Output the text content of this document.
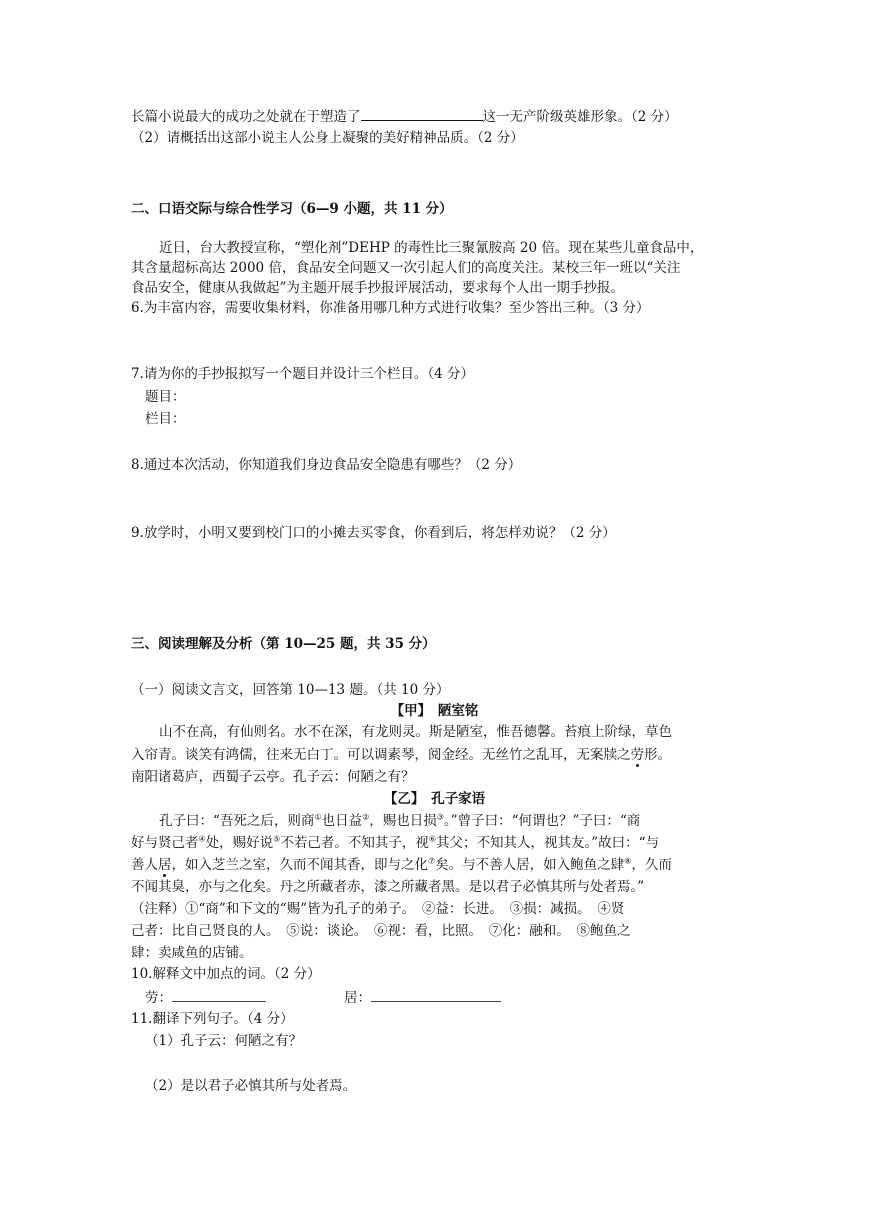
长篇小说最大的成功之处就在于塑造了	这一无产阶级英雄形象。（2 分）
（2）请概括出这部小说主人公身上凝聚的美好精神品质。（2 分）
二、口语交际与综合性学习（6—9 小题，共 11 分）
近日，台大教授宣称，“塑化剂”DEHP 的毒性比三聚氰胺高 20 倍。现在某些儿童食品中，
其含量超标高达 2000 倍，食品安全问题又一次引起人们的高度关注。某校三年一班以“关注
食品安全，健康从我做起”为主题开展手抄报评展活动，要求每个人出一期手抄报。
6.为丰富内容，需要收集材料，你准备用哪几种方式进行收集？至少答出三种。（3 分）
7.请为你的手抄报拟写一个题目并设计三个栏目。（4 分）
题目：
栏目：
8.通过本次活动，你知道我们身边食品安全隐患有哪些？（2 分）
9.放学时，小明又要到校门口的小摊去买零食，你看到后，将怎样劝说？（2 分）
三、阅读理解及分析（第 10—25 题，共 35 分）
（一）阅读文言文，回答第 10—13 题。（共 10 分）
【甲】　陋室铭
山不在高，有仙则名。水不在深，有龙则灵。斯是陋室，惟吾德馨。苔痕上阶绿，草色
入帘青。谈笑有鸿儒，往来无白丁。可以调素琴，阅金经。无丝竹之乱耳，无案牍之劳形。
南阳诸葛庐，西蜀子云亭。孔子云：何陋之有？
【乙】　孔子家语
孔子曰：“吾死之后，则商①也日益②，赐也日损③。”曾子曰：“何谓也？”子曰：“商
好与贤己者④处，赐好说⑤不若己者。不知其子，视⑥其父；不知其人，视其友。”故曰：“与
善人居，如入芝兰之室，久而不闻其香，即与之化⑦矣。与不善人居，如入鲍鱼之肆⑧，久而
不闻其臭，亦与之化矣。丹之所藏者赤，漆之所藏者黑。是以君子必慎其所与处者焉。”
（注释）①“商”和下文的“赐”皆为孔子的弟子。　②益：长进。　③损：减损。　④贤
己者：比自己贤良的人。　⑤说：谈论。　⑥视：看，比照。　⑦化：融和。　⑧鲍鱼之
肆：卖咸鱼的店铺。
10.解释文中加点的词。（2 分）
劳：	居：
11.翻译下列句子。（4 分）
（1）孔子云：何陋之有？
（2）是以君子必慎其所与处者焉。
